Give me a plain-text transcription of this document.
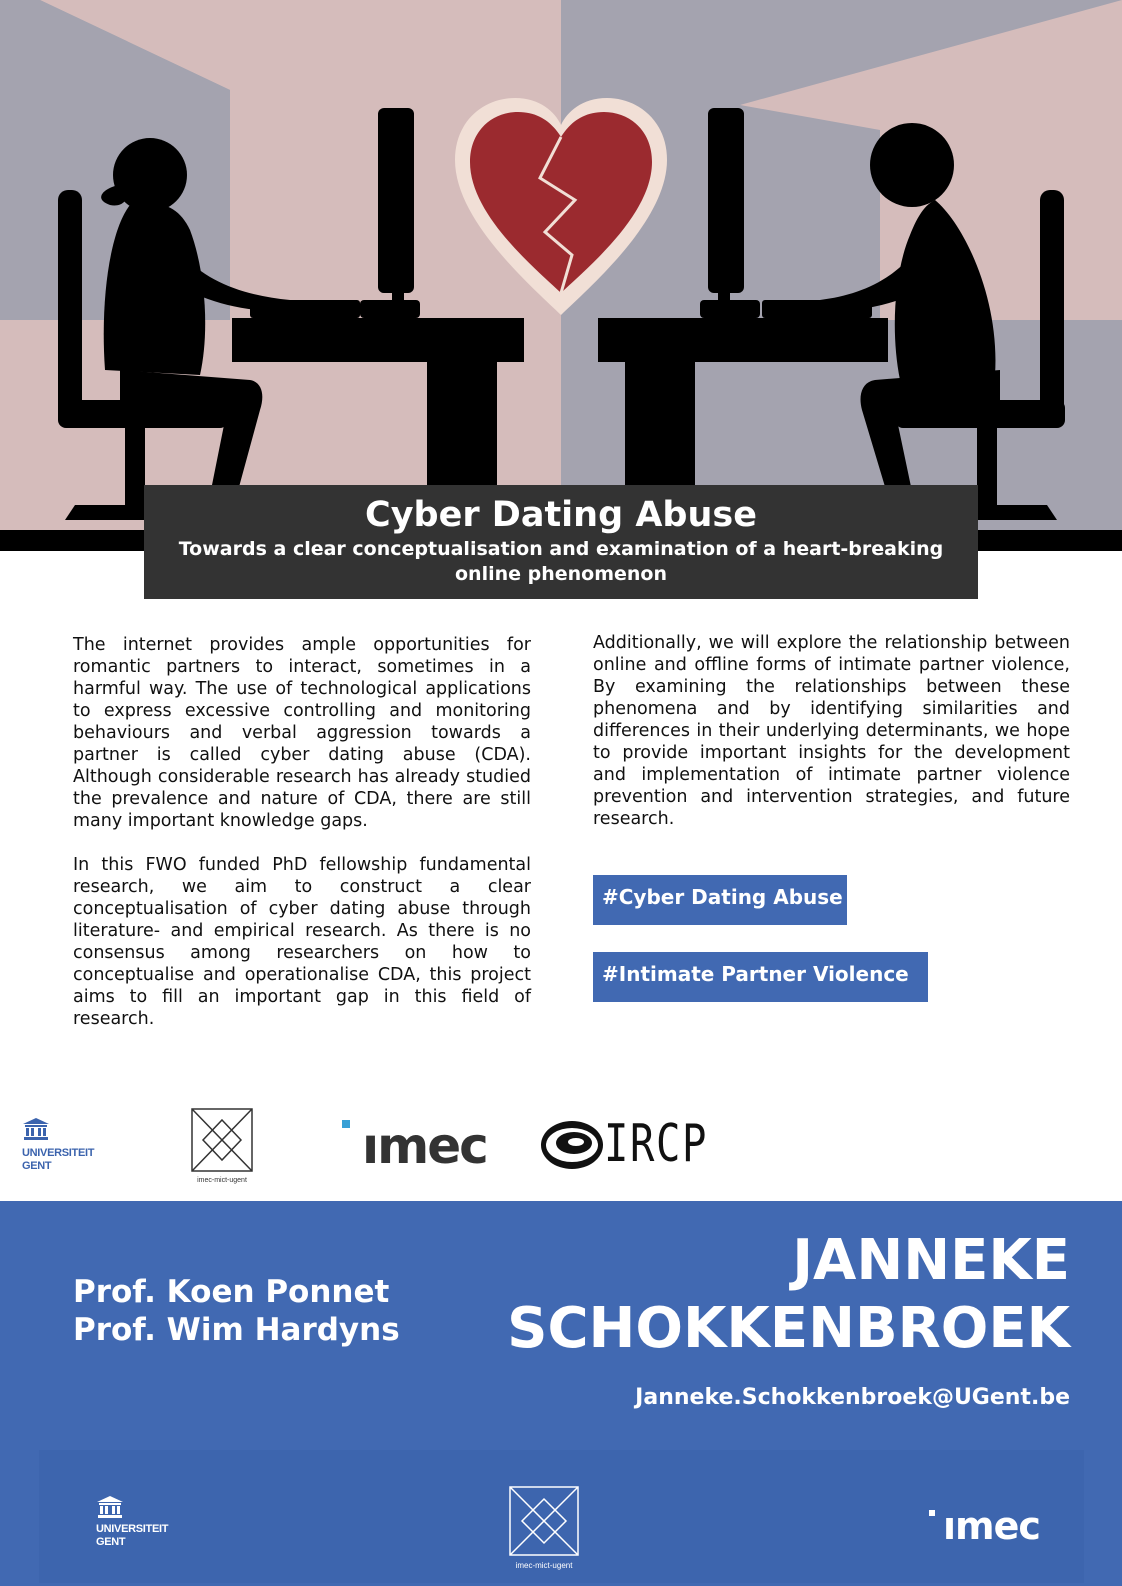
Cyber Dating Abuse
Towards a clear conceptualisation and examination of a heart-breaking online phenomenon

The internet provides ample opportunities for romantic partners to interact, sometimes in a harmful way. The use of technological applications to express excessive controlling and monitoring behaviours and verbal aggression towards a partner is called cyber dating abuse (CDA). Although considerable research has already studied the prevalence and nature of CDA, there are still many important knowledge gaps.

In this FWO funded PhD fellowship fundamental research, we aim to construct a clear conceptualisation of cyber dating abuse through literature- and empirical research. As there is no consensus among researchers on how to conceptualise and operationalise CDA, this project aims to fill an important gap in this field of research.

Additionally, we will explore the relationship between online and offline forms of intimate partner violence, By examining the relationships between these phenomena and by identifying similarities and differences in their underlying determinants, we hope to provide important insights for the development and implementation of intimate partner violence prevention and intervention strategies, and future research.

#Cyber Dating Abuse
#Intimate Partner Violence
UNIVERSITEIT
GENT
imec-mict-ugent
ımec IRCP
Prof. Koen Ponnet
Prof. Wim Hardyns
JANNEKE
SCHOKKENBROEK
Janneke.Schokkenbroek@UGent.be
UNIVERSITEIT
GENT
imec-mict-ugent
ımec
